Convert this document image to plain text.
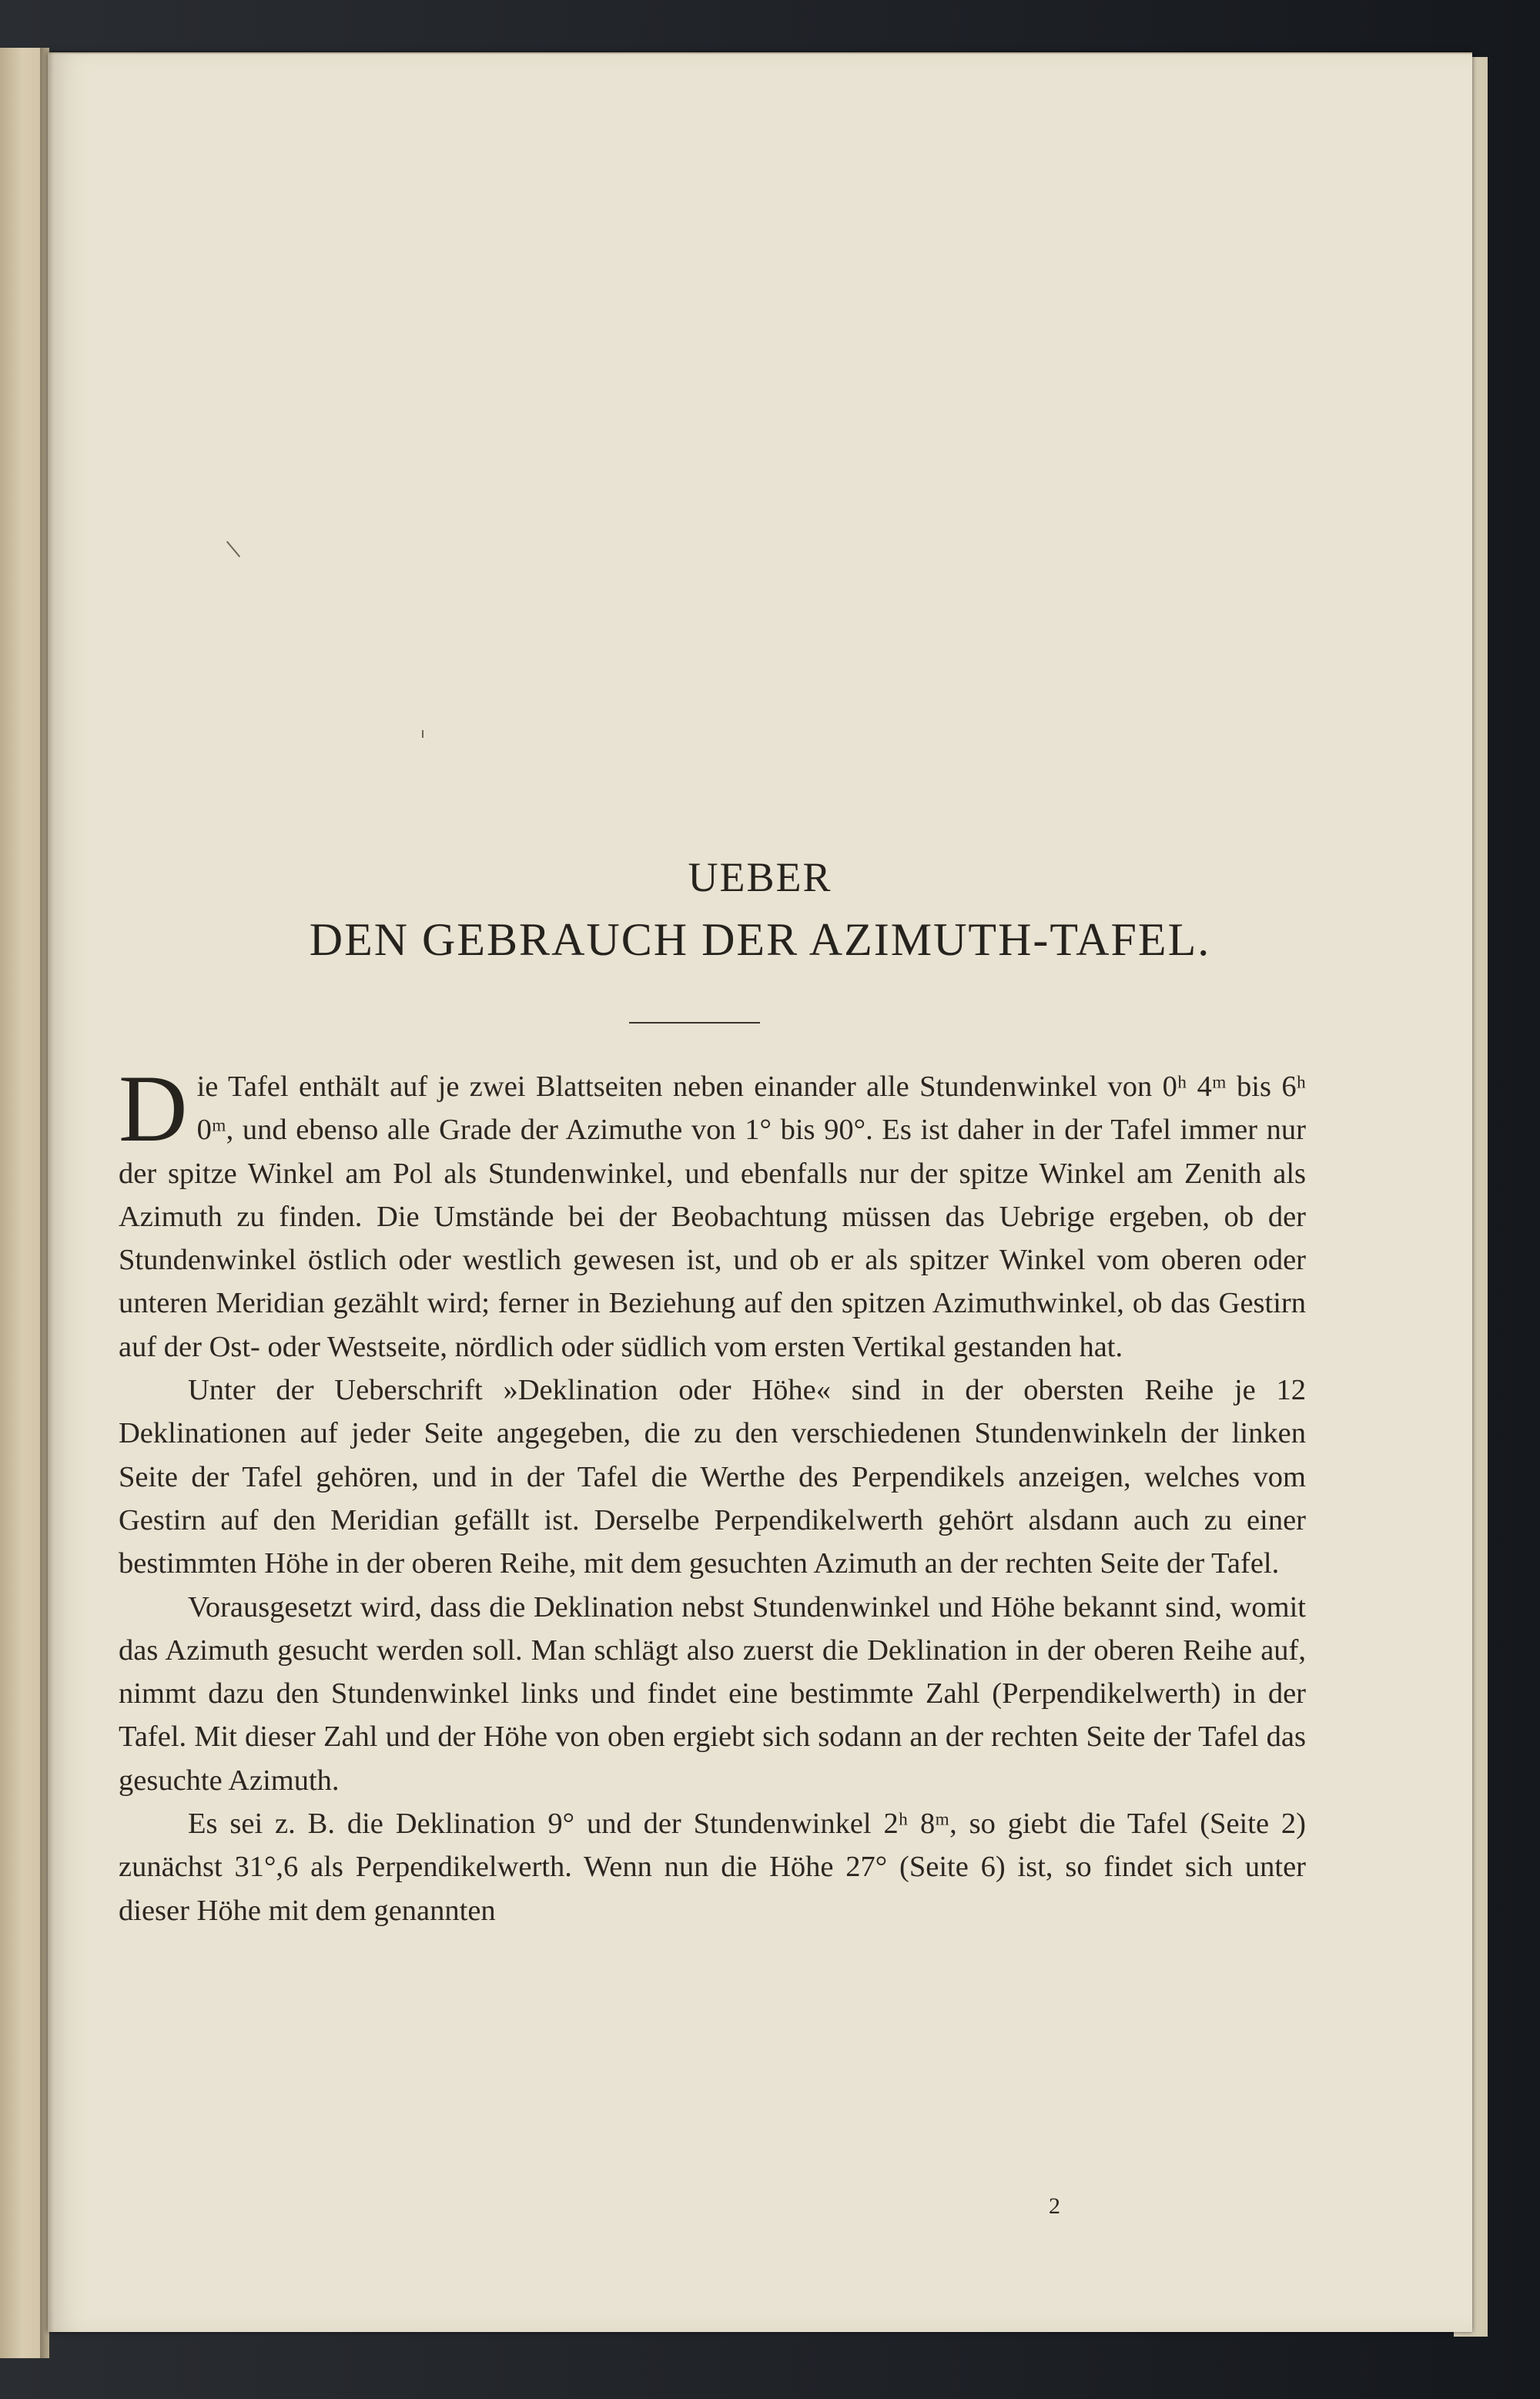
UEBER
DEN GEBRAUCH DER AZIMUTH-TAFEL.

Die Tafel enthält auf je zwei Blattseiten neben einander alle Stundenwinkel von 0ʰ 4ᵐ bis 6ʰ 0ᵐ, und ebenso alle Grade der Azimuthe von 1° bis 90°. Es ist daher in der Tafel immer nur der spitze Winkel am Pol als Stundenwinkel, und ebenfalls nur der spitze Winkel am Zenith als Azimuth zu finden. Die Umstände bei der Beobachtung müssen das Uebrige ergeben, ob der Stundenwinkel östlich oder westlich gewesen ist, und ob er als spitzer Winkel vom oberen oder unteren Meridian gezählt wird; ferner in Beziehung auf den spitzen Azimuthwinkel, ob das Gestirn auf der Ost- oder Westseite, nördlich oder südlich vom ersten Vertikal gestanden hat.

Unter der Ueberschrift »Deklination oder Höhe« sind in der obersten Reihe je 12 Deklinationen auf jeder Seite angegeben, die zu den verschiedenen Stundenwinkeln der linken Seite der Tafel gehören, und in der Tafel die Werthe des Perpendikels anzeigen, welches vom Gestirn auf den Meridian gefällt ist. Derselbe Perpendikelwerth gehört alsdann auch zu einer bestimmten Höhe in der oberen Reihe, mit dem gesuchten Azimuth an der rechten Seite der Tafel.

Vorausgesetzt wird, dass die Deklination nebst Stundenwinkel und Höhe bekannt sind, womit das Azimuth gesucht werden soll. Man schlägt also zuerst die Deklination in der oberen Reihe auf, nimmt dazu den Stundenwinkel links und findet eine bestimmte Zahl (Perpendikelwerth) in der Tafel. Mit dieser Zahl und der Höhe von oben ergiebt sich sodann an der rechten Seite der Tafel das gesuchte Azimuth.

Es sei z. B. die Deklination 9° und der Stundenwinkel 2ʰ 8ᵐ, so giebt die Tafel (Seite 2) zunächst 31°,6 als Perpendikelwerth. Wenn nun die Höhe 27° (Seite 6) ist, so findet sich unter dieser Höhe mit dem genannten

2
